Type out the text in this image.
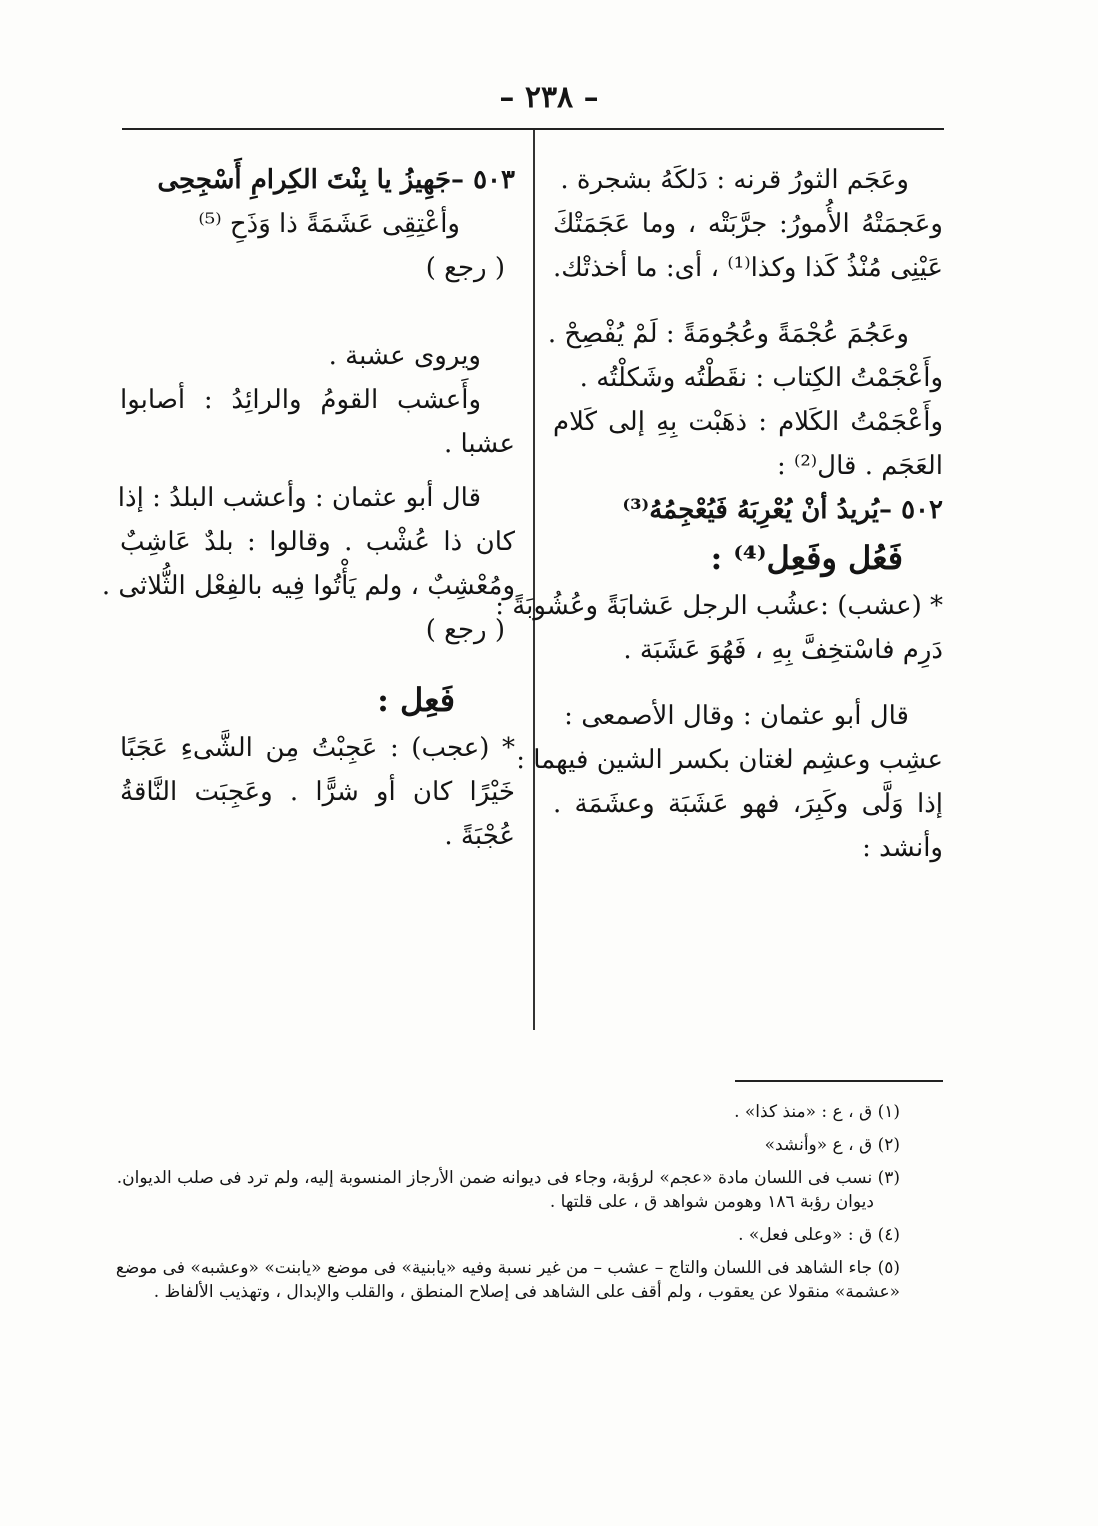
– ٢٣٨ –
وعَجَم الثورُ قرنه : دَلكَهُ بشجرة .
وعَجمَتْهُ الأُمورُ: جرَّبَتْه ، وما عَجَمَتْكَ
عَيْنِى مُنْذُ كَذا وكذا⁽¹⁾ ، أى: ما أخذتْك.
وعَجُمَ عُجْمَةً وعُجُومَةً : لَمْ يُفْصِحْ .
وأَعْجَمْتُ الكِتاب : نقَطْتُه وشَكلْتُه .
وأَعْجَمْتُ الكَلام : ذهَبْت بِهِ إلى كَلام
العَجَم . قال⁽²⁾ :
٥٠٢ –يُريدُ أنْ يُعْرِبَهُ فَيُعْجِمُهُ⁽³⁾
فَعُل وفَعِل⁽⁴⁾ :
* (عشب) :عشُب الرجل عَشابَةً وعُشُوبَةً :
دَرِم فاسْتخِفَّ بِهِ ، فَهُوَ عَشَبَة .
قال أبو عثمان : وقال الأصمعى :
عشِب وعشِم لغتان بكسر الشين فيهما :
إذا وَلَّى وكَبِرَ، فهو عَشَبَة وعشَمَة .
وأنشد :
٥٠٣ –جَهِيزُ يا بِنْتَ الكِرامِ أَسْجِحِى
وأعْتِقِى عَشَمَةً ذا وَذَحِ ⁽⁵⁾
( رجع )
ويروى عشبة .
وأَعشب القومُ والرائِدُ : أصابوا
عشبا .
قال أبو عثمان : وأعشب البلدُ : إذا
كان ذا عُشْب . وقالوا : بلدٌ عَاشِبٌ
ومُعْشِبٌ ، ولم يَأْتُوا فِيه بالفِعْل الثُّلاثى .
( رجع )
فَعِل :
* (عجب) : عَجِبْتُ مِن الشَّىءِ عَجَبًا
خَيْرًا كان أو شرًّا . وعَجِبَت النَّاقةُ
عُجْبَةً .
(١) ق ، ع : «منذ كذا» .
(٢) ق ، ع «وأنشد»
(٣) نسب فى اللسان مادة «عجم» لرؤبة، وجاء فى ديوانه ضمن الأرجاز المنسوبة إليه، ولم ترد فى صلب الديوان.
ديوان رؤبة ١٨٦ وهومن شواهد ق ، على قلتها .
(٤) ق : «وعلى فعل» .
(٥) جاء الشاهد فى اللسان والتاج – عشب – من غير نسبة وفيه «يابنية» فى موضع «يابنت» «وعشبه» فى موضع
«عشمة» منقولا عن يعقوب ، ولم أقف على الشاهد فى إصلاح المنطق ، والقلب والإبدال ، وتهذيب الألفاظ .
